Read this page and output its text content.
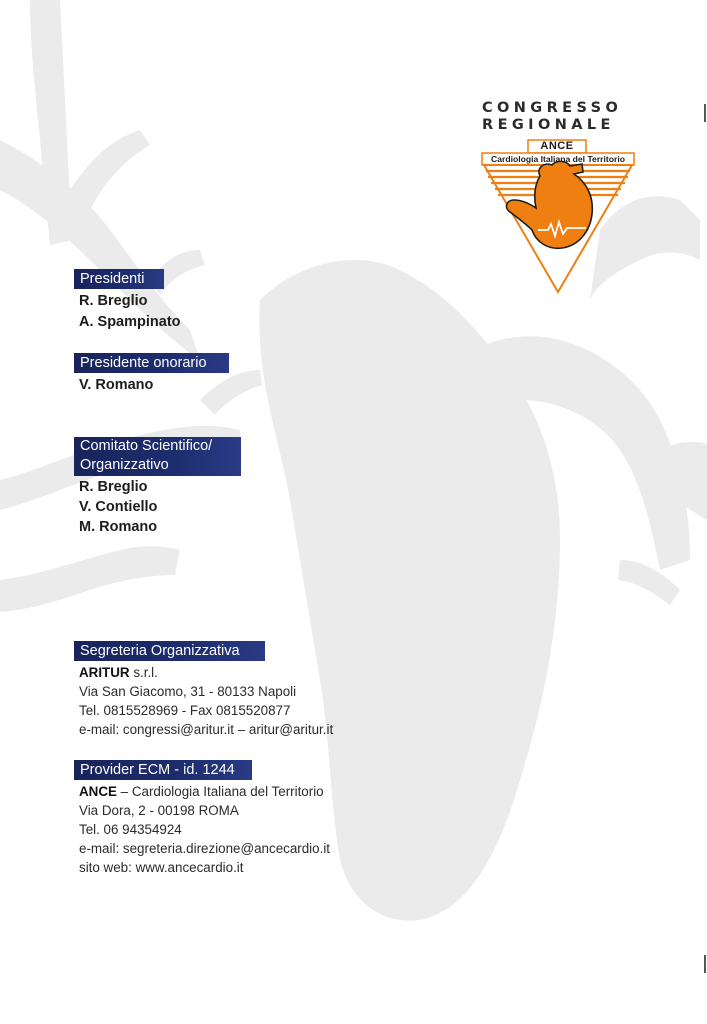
CONGRESSO
REGIONALE
ANCE
Cardiologia Italiana del Territorio
Presidenti
R. Breglio
A. Spampinato
Presidente onorario
V. Romano
Comitato Scientifico/
Organizzativo
R. Breglio
V. Contiello
M. Romano
Segreteria Organizzativa
ARITUR s.r.l.
Via San Giacomo, 31 - 80133 Napoli
Tel. 0815528969 - Fax 0815520877
e-mail: congressi@aritur.it – aritur@aritur.it
Provider ECM - id. 1244
ANCE – Cardiologia Italiana del Territorio
Via Dora, 2 - 00198 ROMA
Tel. 06 94354924
e-mail: segreteria.direzione@ancecardio.it
sito web: www.ancecardio.it
